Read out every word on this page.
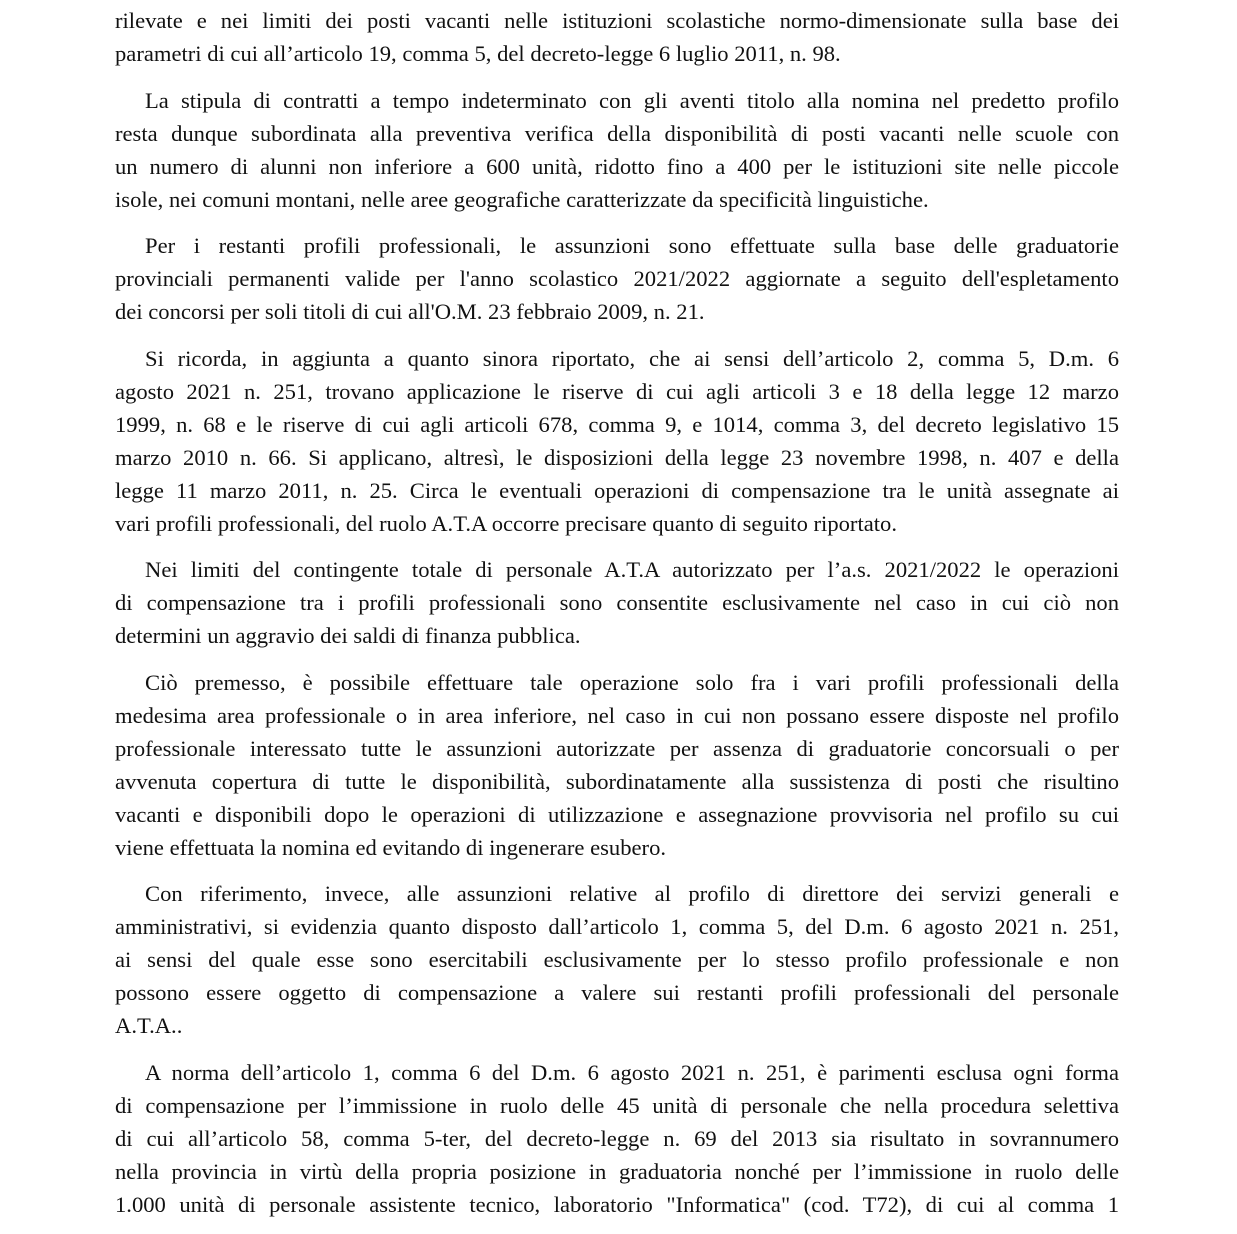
rilevate e nei limiti dei posti vacanti nelle istituzioni scolastiche normo-dimensionate sulla base dei
parametri di cui all’articolo 19, comma 5, del decreto-legge 6 luglio 2011, n. 98.

La stipula di contratti a tempo indeterminato con gli aventi titolo alla nomina nel predetto profilo
resta dunque subordinata alla preventiva verifica della disponibilità di posti vacanti nelle scuole con
un numero di alunni non inferiore a 600 unità, ridotto fino a 400 per le istituzioni site nelle piccole
isole, nei comuni montani, nelle aree geografiche caratterizzate da specificità linguistiche.

Per i restanti profili professionali, le assunzioni sono effettuate sulla base delle graduatorie
provinciali permanenti valide per l'anno scolastico 2021/2022 aggiornate a seguito dell'espletamento
dei concorsi per soli titoli di cui all'O.M. 23 febbraio 2009, n. 21.

Si ricorda, in aggiunta a quanto sinora riportato, che ai sensi dell’articolo 2, comma 5, D.m. 6
agosto 2021 n. 251, trovano applicazione le riserve di cui agli articoli 3 e 18 della legge 12 marzo
1999, n. 68 e le riserve di cui agli articoli 678, comma 9, e 1014, comma 3, del decreto legislativo 15
marzo 2010 n. 66. Si applicano, altresì, le disposizioni della legge 23 novembre 1998, n. 407 e della
legge 11 marzo 2011, n. 25. Circa le eventuali operazioni di compensazione tra le unità assegnate ai
vari profili professionali, del ruolo A.T.A occorre precisare quanto di seguito riportato.

Nei limiti del contingente totale di personale A.T.A autorizzato per l’a.s. 2021/2022 le operazioni
di compensazione tra i profili professionali sono consentite esclusivamente nel caso in cui ciò non
determini un aggravio dei saldi di finanza pubblica.

Ciò premesso, è possibile effettuare tale operazione solo fra i vari profili professionali della
medesima area professionale o in area inferiore, nel caso in cui non possano essere disposte nel profilo
professionale interessato tutte le assunzioni autorizzate per assenza di graduatorie concorsuali o per
avvenuta copertura di tutte le disponibilità, subordinatamente alla sussistenza di posti che risultino
vacanti e disponibili dopo le operazioni di utilizzazione e assegnazione provvisoria nel profilo su cui
viene effettuata la nomina ed evitando di ingenerare esubero.

Con riferimento, invece, alle assunzioni relative al profilo di direttore dei servizi generali e
amministrativi, si evidenzia quanto disposto dall’articolo 1, comma 5, del D.m. 6 agosto 2021 n. 251,
ai sensi del quale esse sono esercitabili esclusivamente per lo stesso profilo professionale e non
possono essere oggetto di compensazione a valere sui restanti profili professionali del personale
A.T.A..

A norma dell’articolo 1, comma 6 del D.m. 6 agosto 2021 n. 251, è parimenti esclusa ogni forma
di compensazione per l’immissione in ruolo delle 45 unità di personale che nella procedura selettiva
di cui all’articolo 58, comma 5-ter, del decreto-legge n. 69 del 2013 sia risultato in sovrannumero
nella provincia in virtù della propria posizione in graduatoria nonché per l’immissione in ruolo delle
1.000 unità di personale assistente tecnico, laboratorio "Informatica" (cod. T72), di cui al comma 1
